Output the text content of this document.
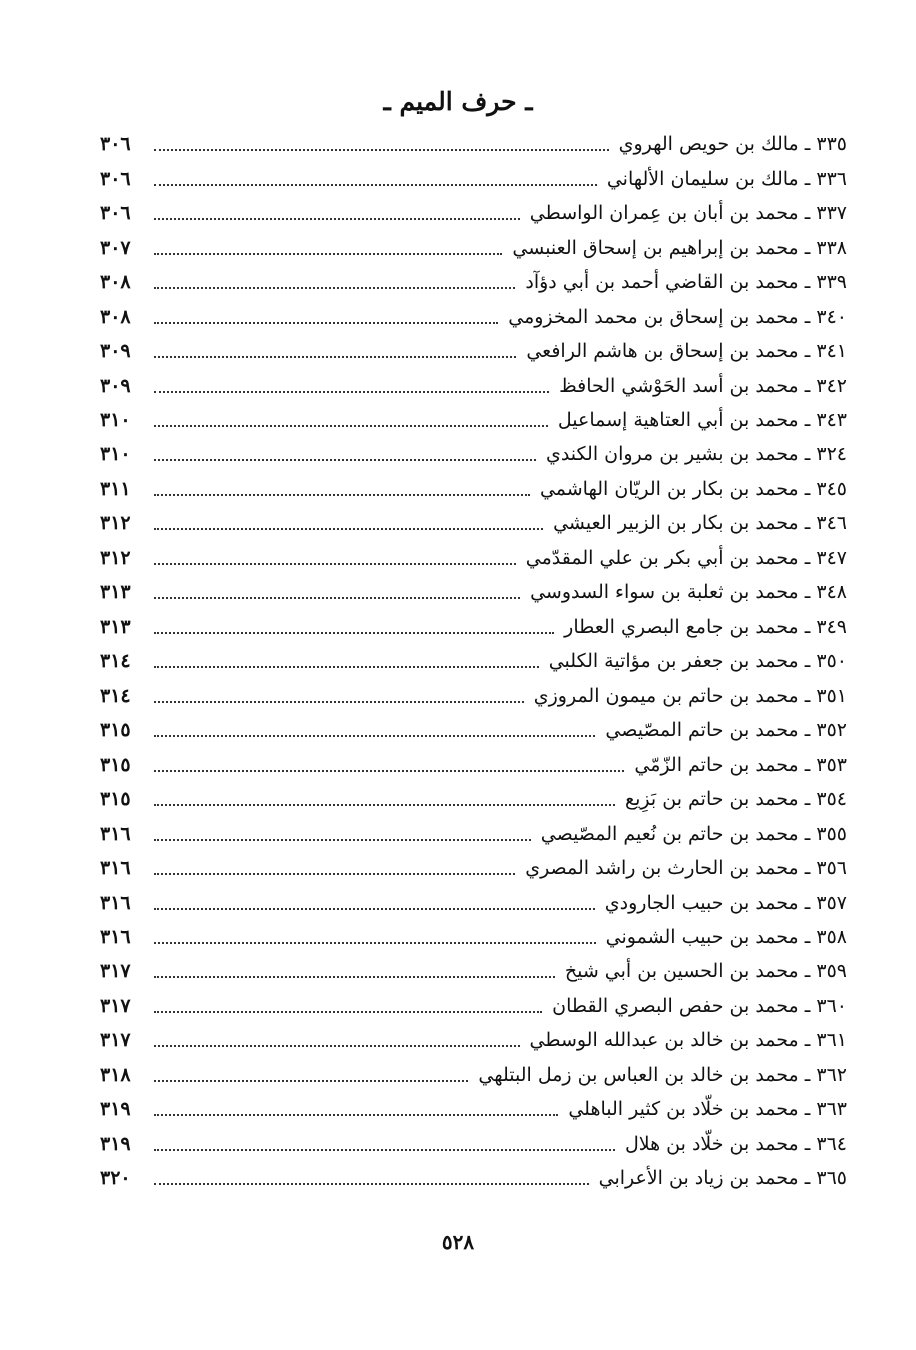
ـ حرف الميم ـ
٣٣٥ ـ مالك بن حويص الهروي
٣٠٦
٣٣٦ ـ مالك بن سليمان الألهاني
٣٠٦
٣٣٧ ـ محمد بن أبان بن عِمران الواسطي
٣٠٦
٣٣٨ ـ محمد بن إبراهيم بن إسحاق العنبسي
٣٠٧
٣٣٩ ـ محمد بن القاضي أحمد بن أبي دؤآد
٣٠٨
٣٤٠ ـ محمد بن إسحاق بن محمد المخزومي
٣٠٨
٣٤١ ـ محمد بن إسحاق بن هاشم الرافعي
٣٠٩
٣٤٢ ـ محمد بن أسد الحَوْشي الحافظ
٣٠٩
٣٤٣ ـ محمد بن أبي العتاهية إسماعيل
٣١٠
٣٢٤ ـ محمد بن بشير بن مروان الكندي
٣١٠
٣٤٥ ـ محمد بن بكار بن الريّان الهاشمي
٣١١
٣٤٦ ـ محمد بن بكار بن الزبير العيشي
٣١٢
٣٤٧ ـ محمد بن أبي بكر بن علي المقدّمي
٣١٢
٣٤٨ ـ محمد بن ثعلبة بن سواء السدوسي
٣١٣
٣٤٩ ـ محمد بن جامع البصري العطار
٣١٣
٣٥٠ ـ محمد بن جعفر بن مؤاتية الكلبي
٣١٤
٣٥١ ـ محمد بن حاتم بن ميمون المروزي
٣١٤
٣٥٢ ـ محمد بن حاتم المصّيصي
٣١٥
٣٥٣ ـ محمد بن حاتم الزّمّي
٣١٥
٣٥٤ ـ محمد بن حاتم بن بَزِيع
٣١٥
٣٥٥ ـ محمد بن حاتم بن نُعيم المصّيصي
٣١٦
٣٥٦ ـ محمد بن الحارث بن راشد المصري
٣١٦
٣٥٧ ـ محمد بن حبيب الجارودي
٣١٦
٣٥٨ ـ محمد بن حبيب الشموني
٣١٦
٣٥٩ ـ محمد بن الحسين بن أبي شيخ
٣١٧
٣٦٠ ـ محمد بن حفص البصري القطان
٣١٧
٣٦١ ـ محمد بن خالد بن عبدالله الوسطي
٣١٧
٣٦٢ ـ محمد بن خالد بن العباس بن زمل البتلهي
٣١٨
٣٦٣ ـ محمد بن خلّاد بن كثير الباهلي
٣١٩
٣٦٤ ـ محمد بن خلّاد بن هلال
٣١٩
٣٦٥ ـ محمد بن زياد بن الأعرابي
٣٢٠
٥٢٨
